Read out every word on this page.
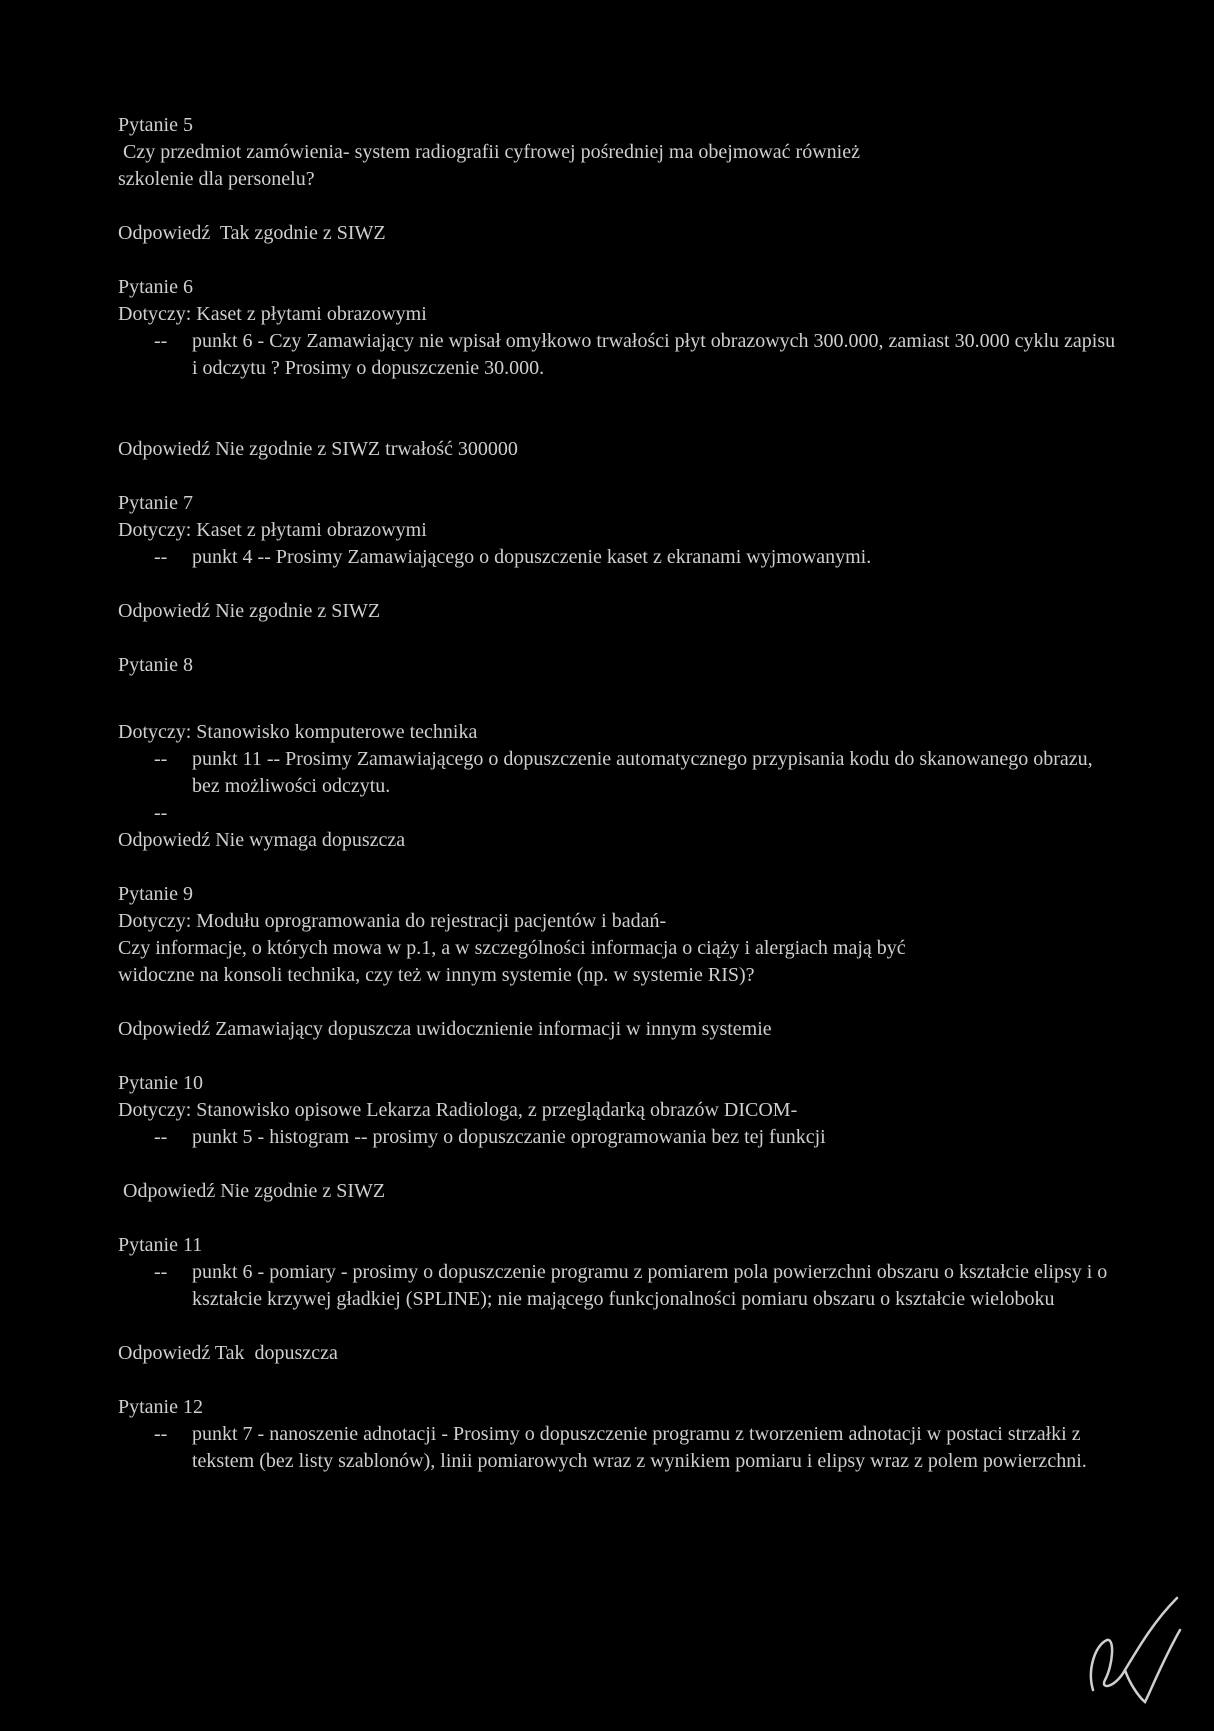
Pytanie 5
Czy przedmiot zamówienia- system radiografii cyfrowej pośredniej ma obejmować również
szkolenie dla personelu?
Odpowiedź  Tak zgodnie z SIWZ
Pytanie 6
Dotyczy: Kaset z płytami obrazowymi
-- punkt 6 - Czy Zamawiający nie wpisał omyłkowo trwałości płyt obrazowych 300.000, zamiast 30.000 cyklu zapisu i odczytu ? Prosimy o dopuszczenie 30.000.
Odpowiedź Nie zgodnie z SIWZ trwałość 300000
Pytanie 7
Dotyczy: Kaset z płytami obrazowymi
-- punkt 4 -- Prosimy Zamawiającego o dopuszczenie kaset z ekranami wyjmowanymi.
Odpowiedź Nie zgodnie z SIWZ
Pytanie 8
Dotyczy: Stanowisko komputerowe technika
-- punkt 11 -- Prosimy Zamawiającego o dopuszczenie automatycznego przypisania kodu do skanowanego obrazu, bez możliwości odczytu.
--
Odpowiedź Nie wymaga dopuszcza
Pytanie 9
Dotyczy: Modułu oprogramowania do rejestracji pacjentów i badań-
Czy informacje, o których mowa w p.1, a w szczególności informacja o ciąży i alergiach mają być
widoczne na konsoli technika, czy też w innym systemie (np. w systemie RIS)?
Odpowiedź Zamawiający dopuszcza uwidocznienie informacji w innym systemie
Pytanie 10
Dotyczy: Stanowisko opisowe Lekarza Radiologa, z przeglądarką obrazów DICOM-
-- punkt 5 - histogram -- prosimy o dopuszczanie oprogramowania bez tej funkcji
Odpowiedź Nie zgodnie z SIWZ
Pytanie 11
-- punkt 6 - pomiary - prosimy o dopuszczenie programu z pomiarem pola powierzchni obszaru o kształcie elipsy i o kształcie krzywej gładkiej (SPLINE); nie mającego funkcjonalności pomiaru obszaru o kształcie wieloboku
Odpowiedź Tak  dopuszcza
Pytanie 12
-- punkt 7 - nanoszenie adnotacji - Prosimy o dopuszczenie programu z tworzeniem adnotacji w postaci strzałki z tekstem (bez listy szablonów), linii pomiarowych wraz z wynikiem pomiaru i elipsy wraz z polem powierzchni.
